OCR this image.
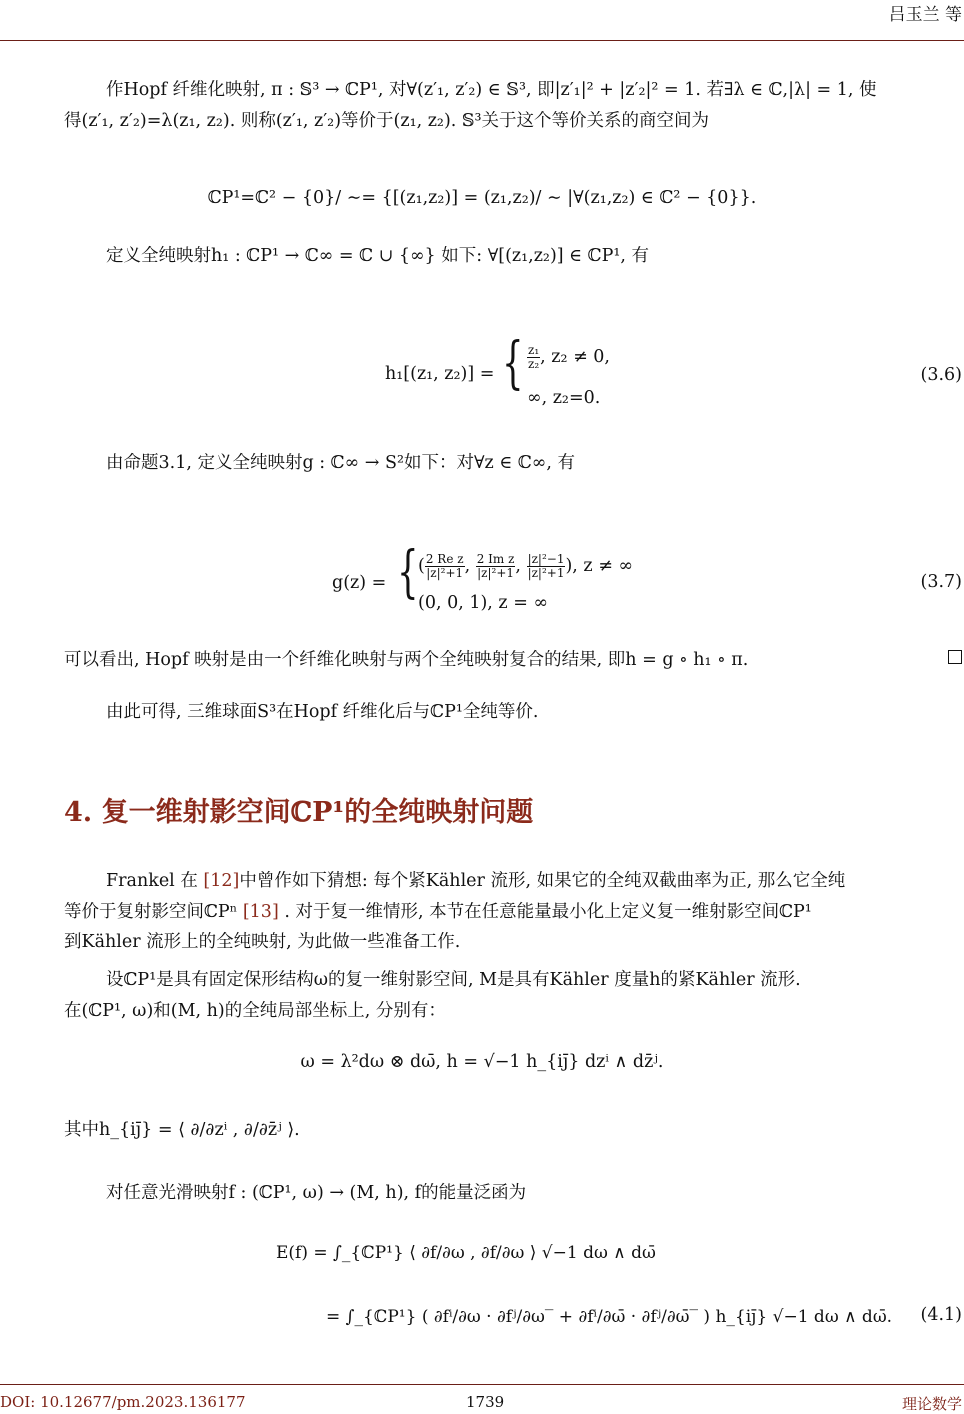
吕玉兰 等
作Hopf 纤维化映射, π : 𝕊³ → ℂP¹, 对∀(z′₁, z′₂) ∈ 𝕊³, 即|z′₁|² + |z′₂|² = 1. 若∃λ ∈ ℂ,|λ| = 1, 使
得(z′₁, z′₂)=λ(z₁, z₂). 则称(z′₁, z′₂)等价于(z₁, z₂). 𝕊³关于这个等价关系的商空间为
ℂP¹=ℂ² − {0}/ ∼= {[(z₁,z₂)] = (z₁,z₂)/ ∼ |∀(z₁,z₂) ∈ ℂ² − {0}}.
定义全纯映射h₁ : ℂP¹ → ℂ∞ = ℂ ∪ {∞} 如下: ∀[(z₁,z₂)] ∈ ℂP¹, 有
h₁[(z₁, z₂)] = { $\frac{\text{z₁}}{\text{z₂}}$ , z₂ ≠ 0,
∞, z₂=0.
(3.6)
由命题3.1, 定义全纯映射g : ℂ∞ → S²如下：对∀z ∈ ℂ∞, 有
g(z) = { ( $\frac{\text{2 Re z}}{\text{|z|²+1}}$ , $\frac{\text{2 Im z}}{\text{|z|²+1}}$ , $\frac{\text{|z|²−1}}{\text{|z|²+1}}$ ), z ≠ ∞
(0, 0, 1), z = ∞
(3.7)
可以看出, Hopf 映射是由一个纤维化映射与两个全纯映射复合的结果, 即h = g ∘ h₁ ∘ π.
由此可得, 三维球面S³在Hopf 纤维化后与ℂP¹全纯等价.
4. 复一维射影空间ℂP¹的全纯映射问题
Frankel 在 [12]中曾作如下猜想: 每个紧Kähler 流形, 如果它的全纯双截曲率为正, 那么它全纯
等价于复射影空间ℂPⁿ [13] . 对于复一维情形, 本节在任意能量最小化上定义复一维射影空间ℂP¹
到Kähler 流形上的全纯映射, 为此做一些准备工作.
设ℂP¹是具有固定保形结构ω的复一维射影空间, M是具有Kähler 度量h的紧Kähler 流形.
在(ℂP¹, ω)和(M, h)的全纯局部坐标上, 分别有：
ω = λ²dω ⊗ dω̄, h = √−1 h_{iȷ̄} dzⁱ ∧ dz̄ʲ.
其中h_{iȷ̄} = ⟨ ∂/∂zⁱ , ∂/∂z̄ʲ ⟩.
对任意光滑映射f : (ℂP¹, ω) → (M, h), f的能量泛函为
E(f) = ∫_{ℂP¹} ⟨ ∂f/∂ω , ∂f/∂ω ⟩ √−1 dω ∧ dω̄
= ∫_{ℂP¹} ( ∂fⁱ/∂ω · ∂fʲ/∂ω‾ + ∂fⁱ/∂ω̄ · ∂fʲ/∂ω̄‾ ) h_{iȷ̄} √−1 dω ∧ dω̄. (4.1)
DOI: 10.12677/pm.2023.136177	1739	理论数学
